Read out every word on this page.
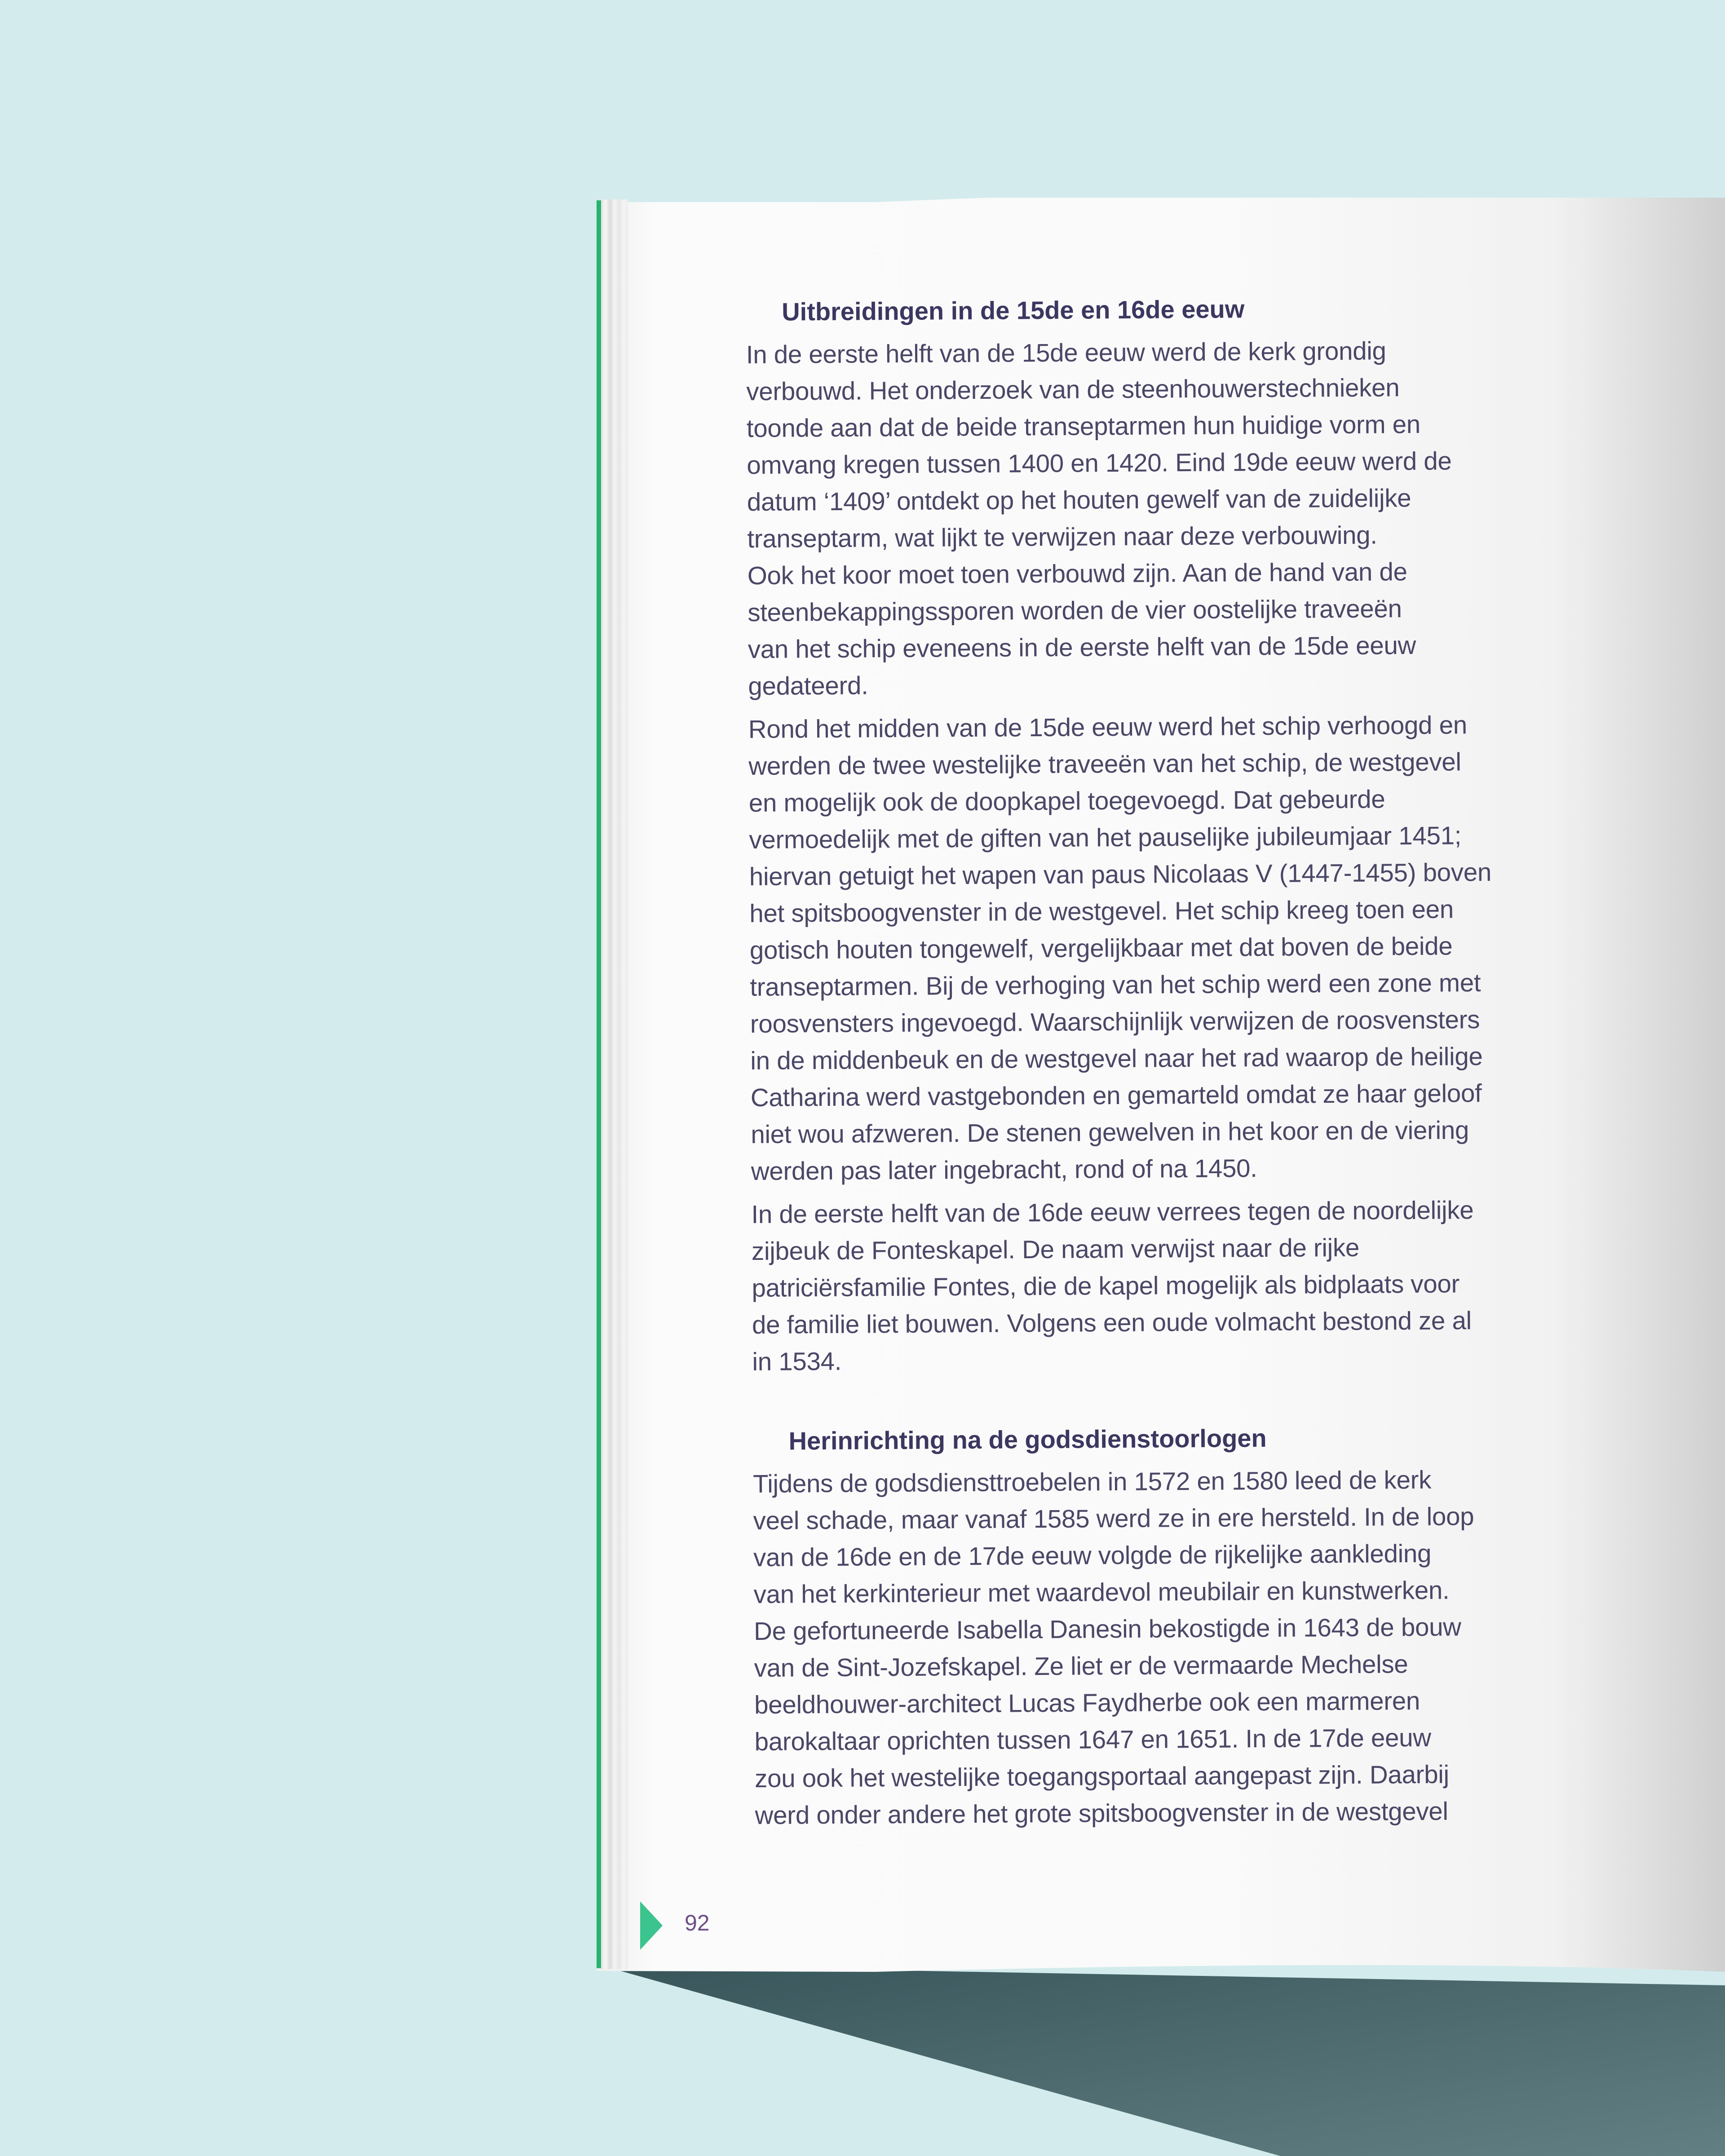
Uitbreidingen in de 15de en 16de eeuw

In de eerste helft van de 15de eeuw werd de kerk grondig
verbouwd. Het onderzoek van de steenhouwerstechnieken
toonde aan dat de beide transeptarmen hun huidige vorm en
omvang kregen tussen 1400 en 1420. Eind 19de eeuw werd de
datum ‘1409’ ontdekt op het houten gewelf van de zuidelijke
transeptarm, wat lijkt te verwijzen naar deze verbouwing.
Ook het koor moet toen verbouwd zijn. Aan de hand van de
steenbekappingssporen worden de vier oostelijke traveeën
van het schip eveneens in de eerste helft van de 15de eeuw
gedateerd.

Rond het midden van de 15de eeuw werd het schip verhoogd en
werden de twee westelijke traveeën van het schip, de westgevel
en mogelijk ook de doopkapel toegevoegd. Dat gebeurde
vermoedelijk met de giften van het pauselijke jubileumjaar 1451;
hiervan getuigt het wapen van paus Nicolaas V (1447-1455) boven
het spitsboogvenster in de westgevel. Het schip kreeg toen een
gotisch houten tongewelf, vergelijkbaar met dat boven de beide
transeptarmen. Bij de verhoging van het schip werd een zone met
roosvensters ingevoegd. Waarschijnlijk verwijzen de roosvensters
in de middenbeuk en de westgevel naar het rad waarop de heilige
Catharina werd vastgebonden en gemarteld omdat ze haar geloof
niet wou afzweren. De stenen gewelven in het koor en de viering
werden pas later ingebracht, rond of na 1450.

In de eerste helft van de 16de eeuw verrees tegen de noordelijke
zijbeuk de Fonteskapel. De naam verwijst naar de rijke
patriciërsfamilie Fontes, die de kapel mogelijk als bidplaats voor
de familie liet bouwen. Volgens een oude volmacht bestond ze al
in 1534.

Herinrichting na de godsdienstoorlogen

Tijdens de godsdiensttroebelen in 1572 en 1580 leed de kerk
veel schade, maar vanaf 1585 werd ze in ere hersteld. In de loop
van de 16de en de 17de eeuw volgde de rijkelijke aankleding
van het kerkinterieur met waardevol meubilair en kunstwerken.
De gefortuneerde Isabella Danesin bekostigde in 1643 de bouw
van de Sint-Jozefskapel. Ze liet er de vermaarde Mechelse
beeldhouwer-architect Lucas Faydherbe ook een marmeren
barokaltaar oprichten tussen 1647 en 1651. In de 17de eeuw
zou ook het westelijke toegangsportaal aangepast zijn. Daarbij
werd onder andere het grote spitsboogvenster in de westgevel

92
